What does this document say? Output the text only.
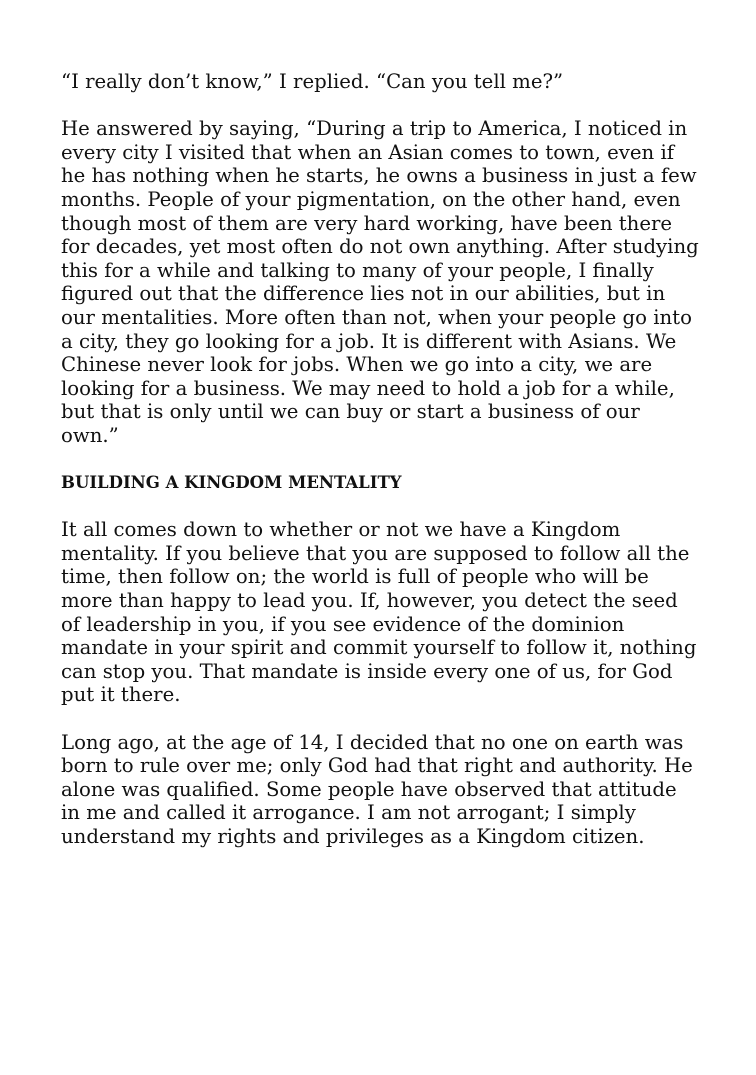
“I really don’t know,” I replied. “Can you tell me?”

He answered by saying, “During a trip to America, I noticed in every city I visited that when an Asian comes to town, even if he has nothing when he starts, he owns a business in just a few months. People of your pigmentation, on the other hand, even though most of them are very hard working, have been there for decades, yet most often do not own anything. After studying this for a while and talking to many of your people, I finally figured out that the difference lies not in our abilities, but in our mentalities. More often than not, when your people go into a city, they go looking for a job. It is different with Asians. We Chinese never look for jobs. When we go into a city, we are looking for a business. We may need to hold a job for a while, but that is only until we can buy or start a business of our own.”

BUILDING A KINGDOM MENTALITY

It all comes down to whether or not we have a Kingdom mentality. If you believe that you are supposed to follow all the time, then follow on; the world is full of people who will be more than happy to lead you. If, however, you detect the seed of leadership in you, if you see evidence of the dominion mandate in your spirit and commit yourself to follow it, nothing can stop you. That mandate is inside every one of us, for God put it there.

Long ago, at the age of 14, I decided that no one on earth was born to rule over me; only God had that right and authority. He alone was qualified. Some people have observed that attitude in me and called it arrogance. I am not arrogant; I simply understand my rights and privileges as a Kingdom citizen.
